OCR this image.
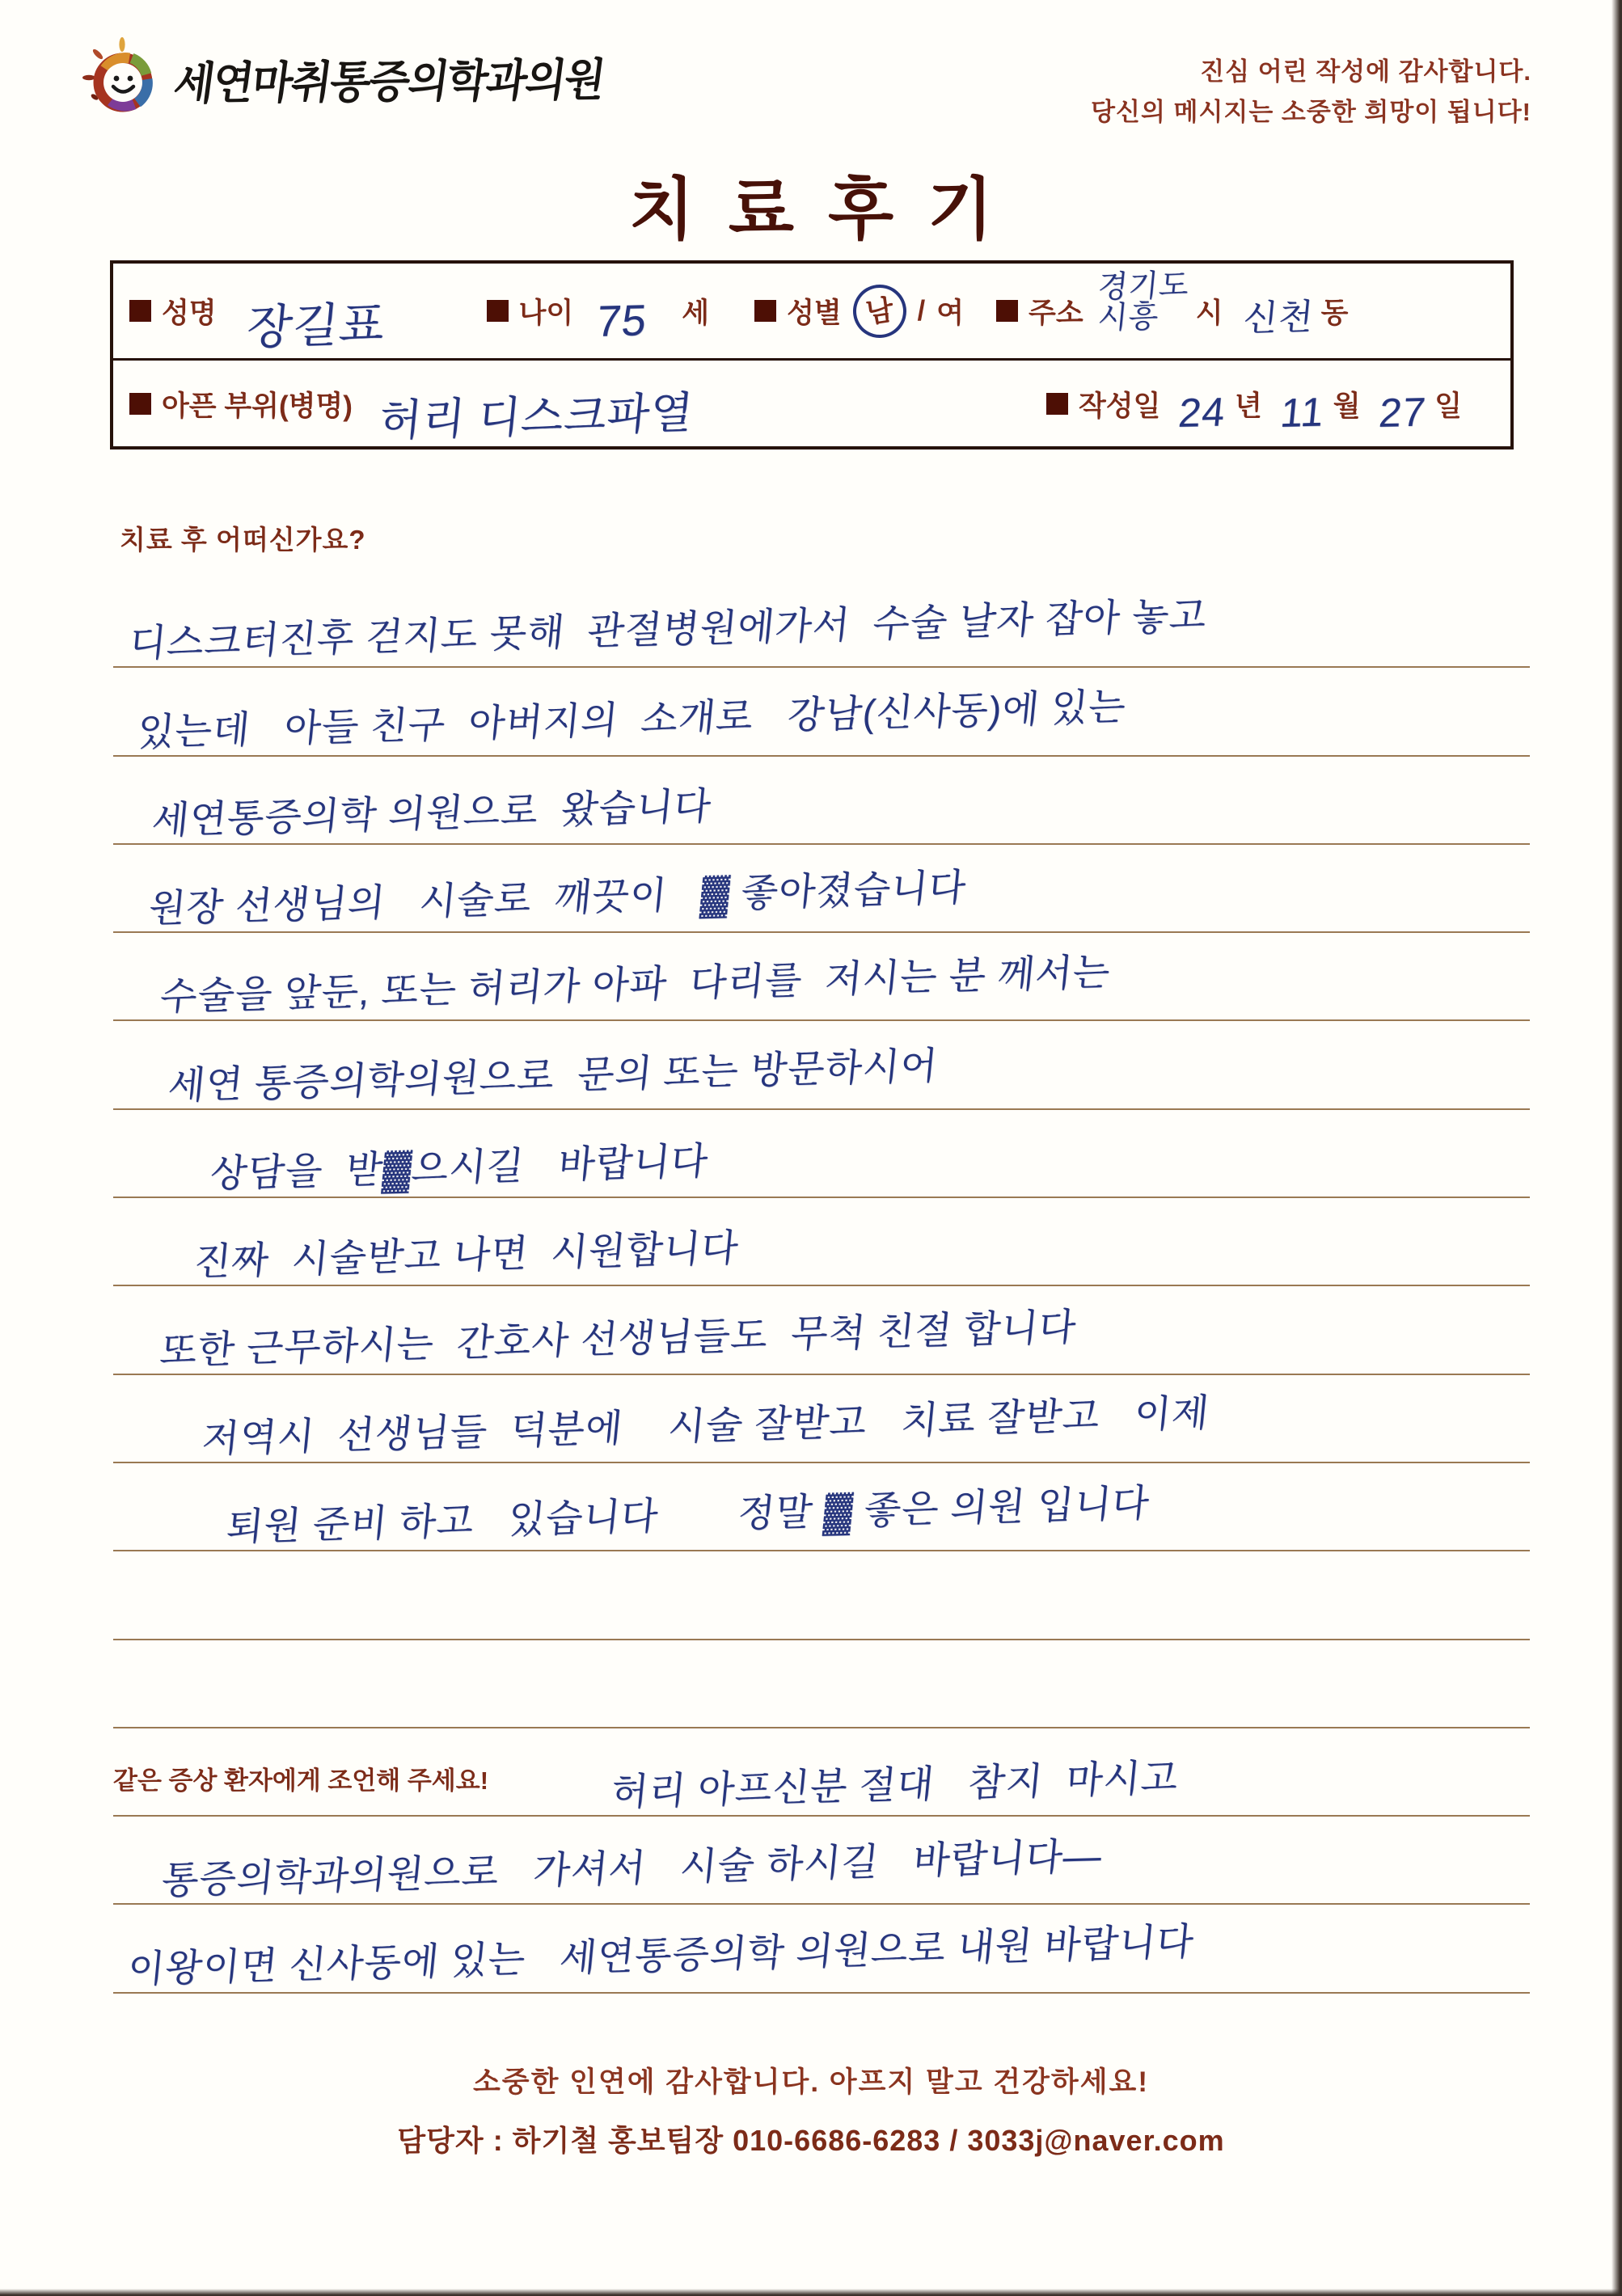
세연마취통증의학과의원	진심 어린 작성에 감사합니다.
당신의 메시지는 소중한 희망이 됩니다!
치료후기
성명 장길표	나이 75	세	성별 남 / 여 주소
경기도
시흥	시 신천 동
아픈 부위(병명) 허리 디스크파열	작성일 24 년 11 월 27 일
치료 후 어떠신가요?
디스크터진후 걷지도 못해  관절병원에가서  수술 날자 잡아 놓고
있는데   아들 친구  아버지의  소개로   강남(신사동)에 있는
세연통증의학 의원으로  왔습니다
원장 선생님의   시술로  깨끗이   ▓ 좋아졌습니다
수술을 앞둔, 또는 허리가 아파  다리를  저시는 분 께서는
세연 통증의학의원으로  문의 또는 방문하시어
상담을  받▓으시길   바랍니다
진짜  시술받고 나면  시원합니다
또한 근무하시는  간호사 선생님들도  무척 친절 합니다
저역시  선생님들  덕분에    시술 잘받고   치료 잘받고   이제
퇴원 준비 하고   있습니다       정말 ▓ 좋은 의원 입니다
같은 증상 환자에게 조언해 주세요!	허리 아프신분 절대   참지  마시고
통증의학과의원으로   가셔서   시술 하시길   바랍니다—
이왕이면 신사동에 있는   세연통증의학 의원으로 내원 바랍니다
소중한 인연에 감사합니다. 아프지 말고 건강하세요!
담당자 : 하기철 홍보팀장 010-6686-6283 / 3033j@naver.com
